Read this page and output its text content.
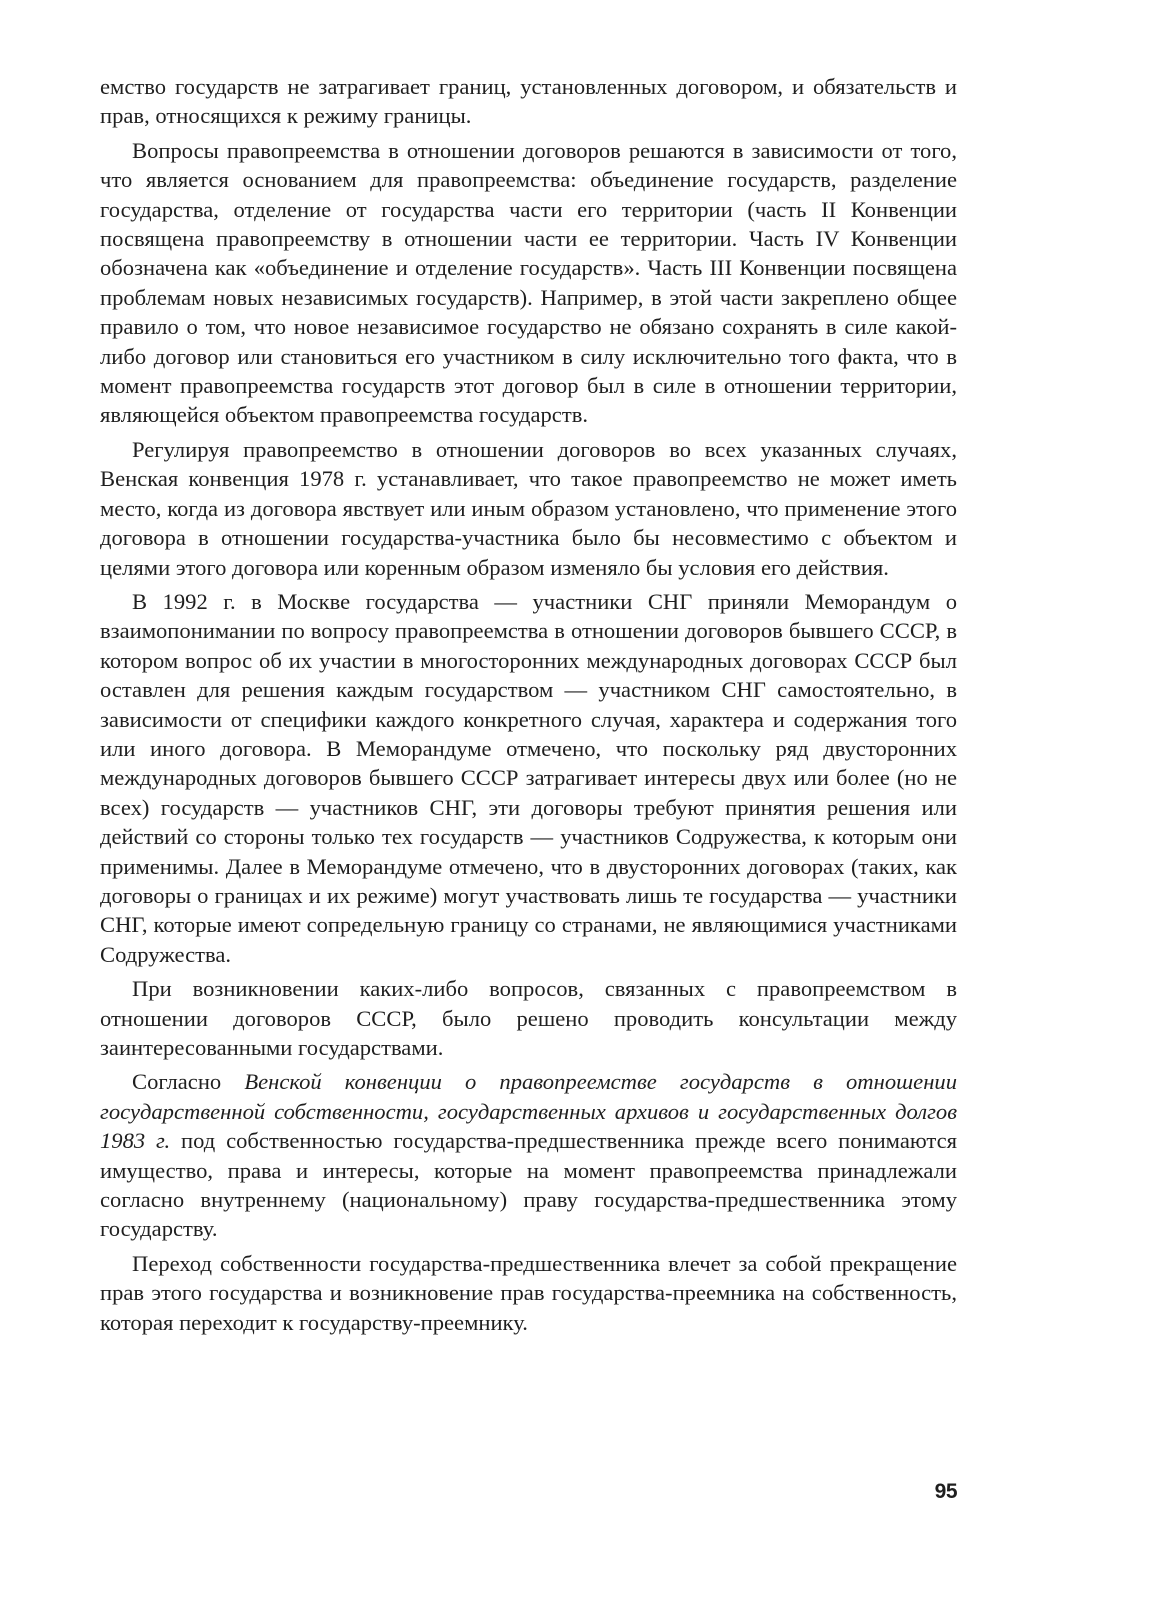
емство государств не затрагивает границ, установленных договором, и обязательств и прав, относящихся к режиму границы.

Вопросы правопреемства в отношении договоров решаются в зависимости от того, что является основанием для правопреемства: объединение государств, разделение государства, отделение от государства части его территории (часть II Конвенции посвящена правопреемству в отношении части ее территории. Часть IV Конвенции обозначена как «объединение и отделение государств». Часть III Конвенции посвящена проблемам новых независимых государств). Например, в этой части закреплено общее правило о том, что новое независимое государство не обязано сохранять в силе какой-либо договор или становиться его участником в силу исключительно того факта, что в момент правопреемства государств этот договор был в силе в отношении территории, являющейся объектом правопреемства государств.

Регулируя правопреемство в отношении договоров во всех указанных случаях, Венская конвенция 1978 г. устанавливает, что такое правопреемство не может иметь место, когда из договора явствует или иным образом установлено, что применение этого договора в отношении государства-участника было бы несовместимо с объектом и целями этого договора или коренным образом изменяло бы условия его действия.

В 1992 г. в Москве государства — участники СНГ приняли Меморандум о взаимопонимании по вопросу правопреемства в отношении договоров бывшего СССР, в котором вопрос об их участии в многосторонних международных договорах СССР был оставлен для решения каждым государством — участником СНГ самостоятельно, в зависимости от специфики каждого конкретного случая, характера и содержания того или иного договора. В Меморандуме отмечено, что поскольку ряд двусторонних международных договоров бывшего СССР затрагивает интересы двух или более (но не всех) государств — участников СНГ, эти договоры требуют принятия решения или действий со стороны только тех государств — участников Содружества, к которым они применимы. Далее в Меморандуме отмечено, что в двусторонних договорах (таких, как договоры о границах и их режиме) могут участвовать лишь те государства — участники СНГ, которые имеют сопредельную границу со странами, не являющимися участниками Содружества.

При возникновении каких-либо вопросов, связанных с правопреемством в отношении договоров СССР, было решено проводить консультации между заинтересованными государствами.

Согласно Венской конвенции о правопреемстве государств в отношении государственной собственности, государственных архивов и государственных долгов 1983 г. под собственностью государства-предшественника прежде всего понимаются имущество, права и интересы, которые на момент правопреемства принадлежали согласно внутреннему (национальному) праву государства-предшественника этому государству.

Переход собственности государства-предшественника влечет за собой прекращение прав этого государства и возникновение прав государства-преемника на собственность, которая переходит к государству-преемнику.

95
